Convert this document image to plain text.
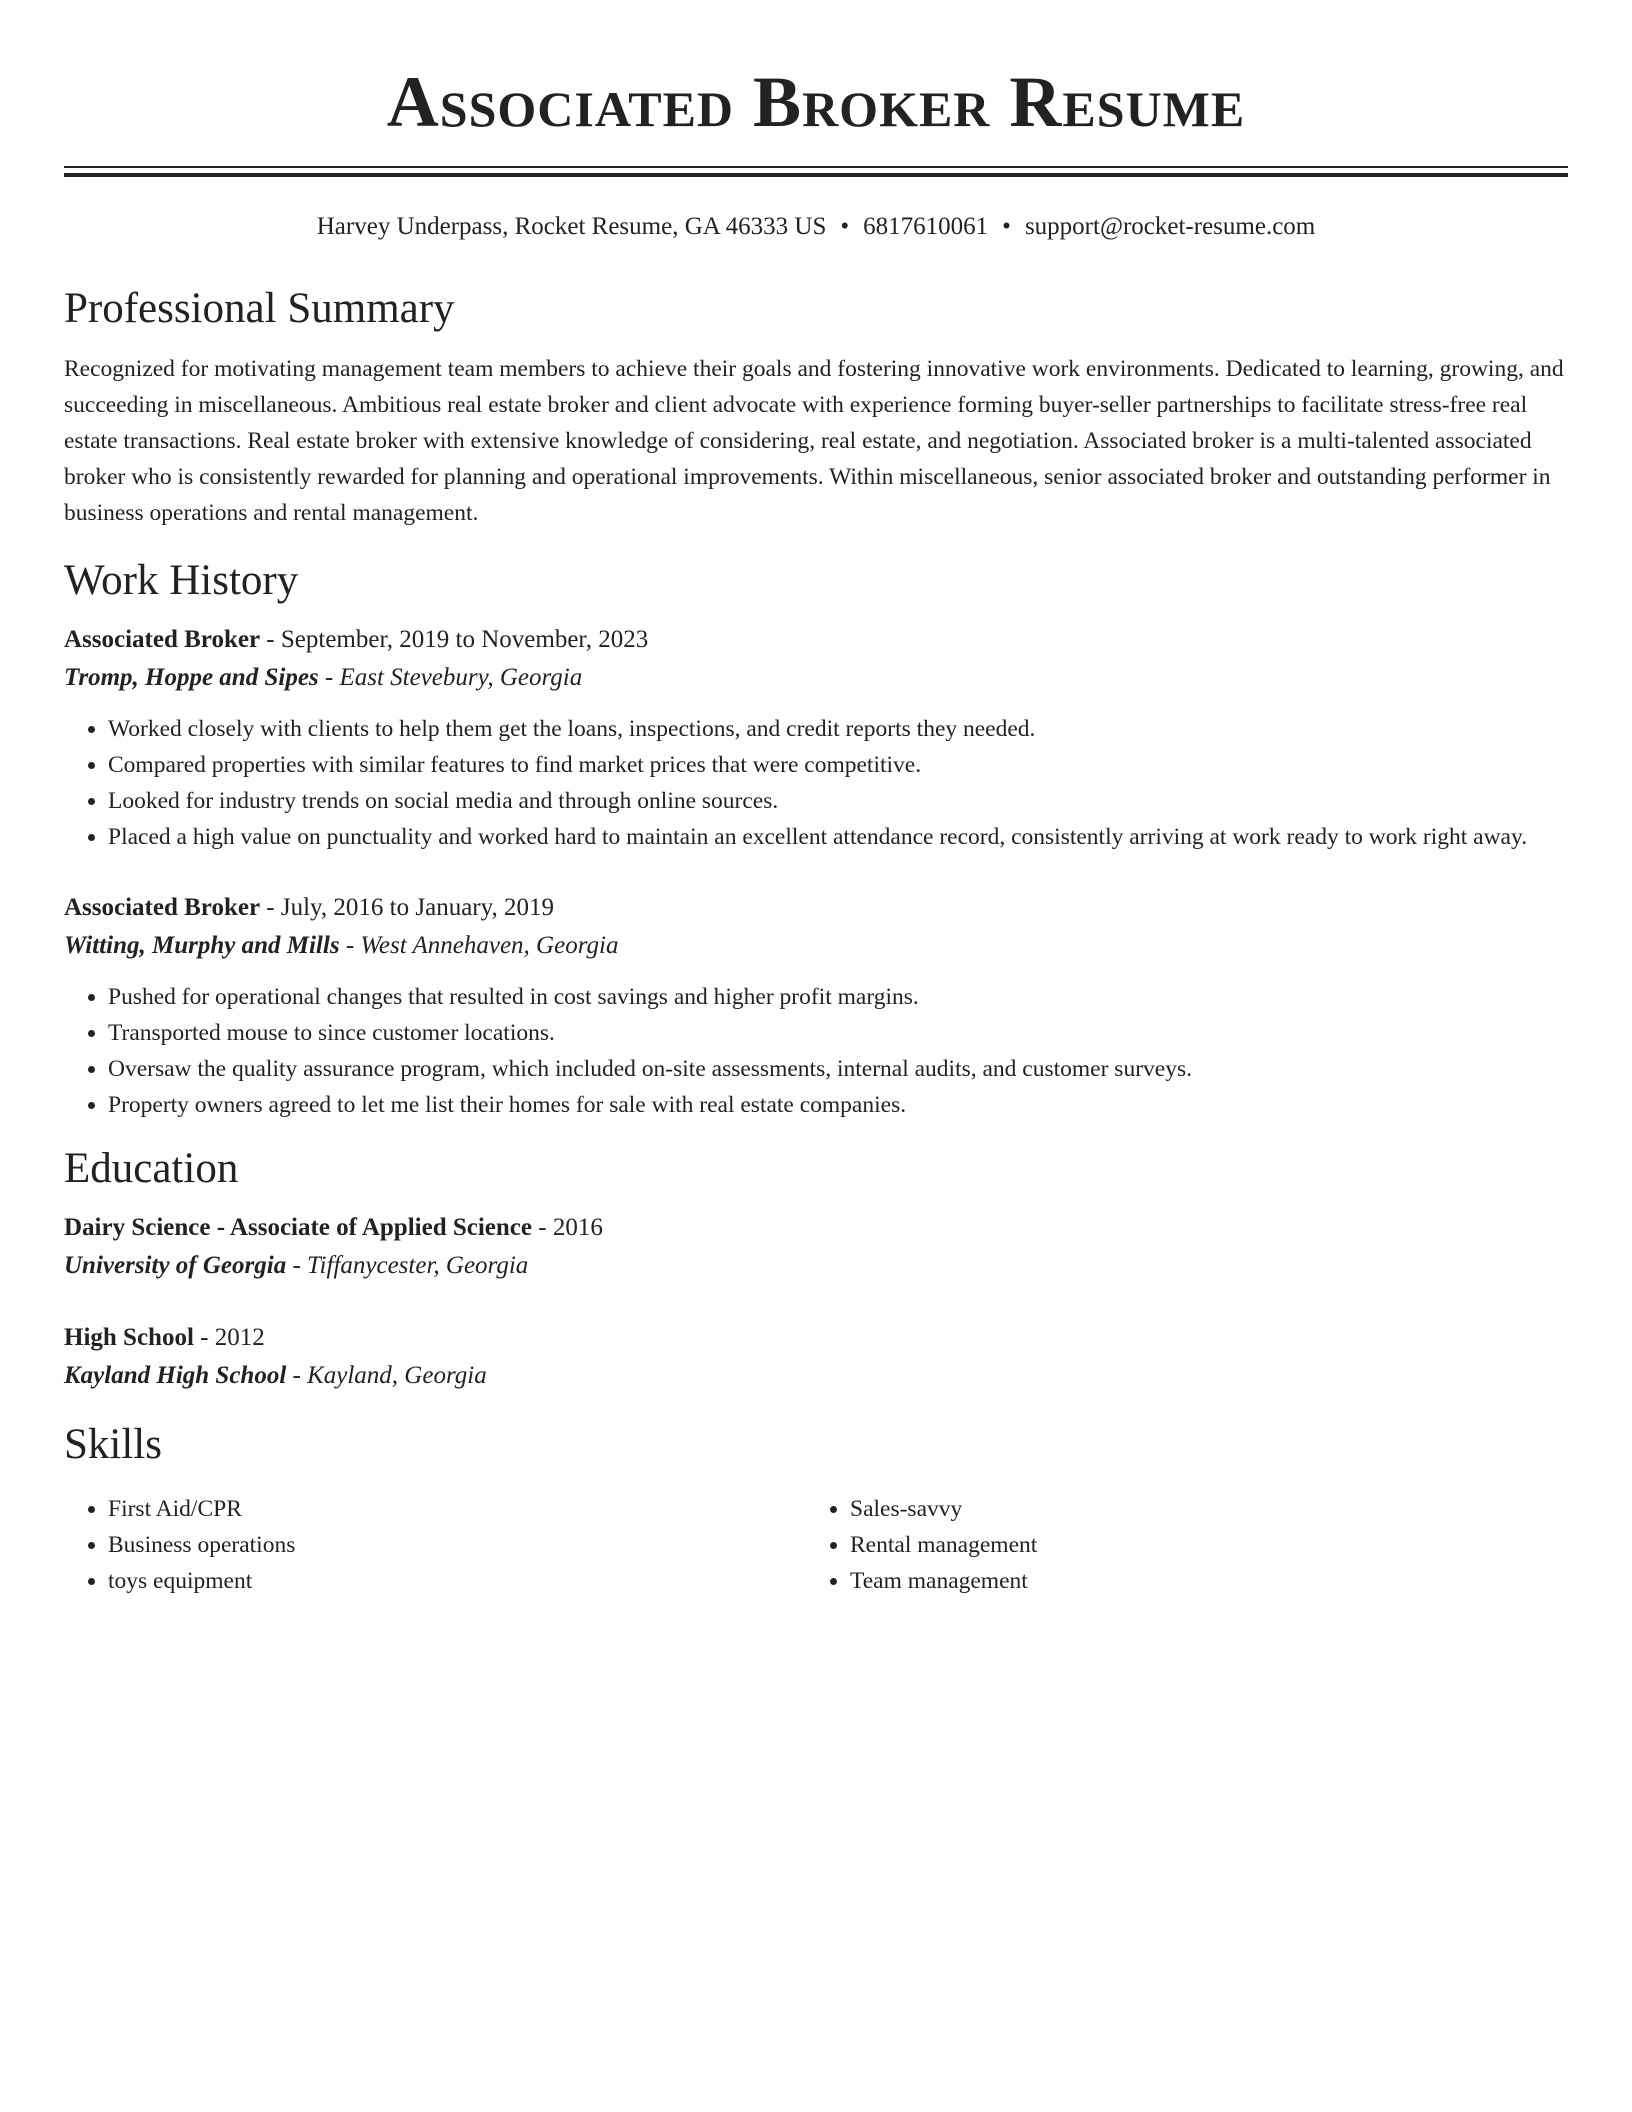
Associated Broker Resume
Harvey Underpass, Rocket Resume, GA 46333 US • 6817610061 • support@rocket-resume.com
Professional Summary
Recognized for motivating management team members to achieve their goals and fostering innovative work environments. Dedicated to learning, growing, and succeeding in miscellaneous. Ambitious real estate broker and client advocate with experience forming buyer-seller partnerships to facilitate stress-free real estate transactions. Real estate broker with extensive knowledge of considering, real estate, and negotiation. Associated broker is a multi-talented associated broker who is consistently rewarded for planning and operational improvements. Within miscellaneous, senior associated broker and outstanding performer in business operations and rental management.
Work History
Associated Broker - September, 2019 to November, 2023
Tromp, Hoppe and Sipes - East Stevebury, Georgia
• Worked closely with clients to help them get the loans, inspections, and credit reports they needed.
• Compared properties with similar features to find market prices that were competitive.
• Looked for industry trends on social media and through online sources.
• Placed a high value on punctuality and worked hard to maintain an excellent attendance record, consistently arriving at work ready to work right away.
Associated Broker - July, 2016 to January, 2019
Witting, Murphy and Mills - West Annehaven, Georgia
• Pushed for operational changes that resulted in cost savings and higher profit margins.
• Transported mouse to since customer locations.
• Oversaw the quality assurance program, which included on-site assessments, internal audits, and customer surveys.
• Property owners agreed to let me list their homes for sale with real estate companies.
Education
Dairy Science - Associate of Applied Science - 2016
University of Georgia - Tiffanycester, Georgia
High School - 2012
Kayland High School - Kayland, Georgia
Skills
• First Aid/CPR
• Business operations
• toys equipment
• Sales-savvy
• Rental management
• Team management
